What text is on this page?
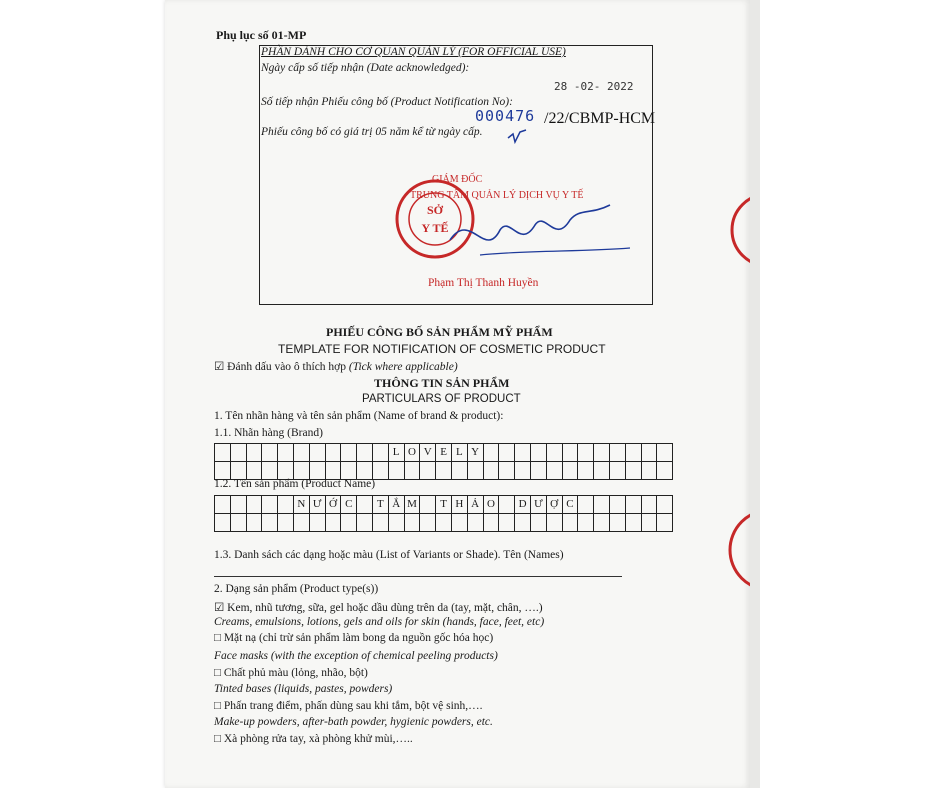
Phụ lục số 01-MP
PHẦN DÀNH CHO CƠ QUAN QUẢN LÝ (FOR OFFICIAL USE)
Ngày cấp số tiếp nhận (Date acknowledged):
28 -02- 2022
Số tiếp nhận Phiếu công bố (Product Notification No):
000476 /22/CBMP-HCM
Phiếu công bố có giá trị 05 năm kể từ ngày cấp.
SỞ
Y TẾ
GIÁM ĐỐC
TRUNG TÂM QUẢN LÝ DỊCH VỤ Y TẾ
Phạm Thị Thanh Huyền
PHIẾU CÔNG BỐ SẢN PHẨM MỸ PHẨM
TEMPLATE FOR NOTIFICATION OF COSMETIC PRODUCT
☑ Đánh dấu vào ô thích hợp (Tick where applicable)
THÔNG TIN SẢN PHẨM
PARTICULARS OF PRODUCT
1. Tên nhãn hàng và tên sản phẩm (Name of brand & product):
1.1. Nhãn hàng (Brand)
L O V E L Y
1.2. Tên sản phẩm (Product Name)
N Ư Ớ C	T Ắ M	T H Ả O	D Ư Ợ C
1.3. Danh sách các dạng hoặc màu (List of Variants or Shade). Tên (Names)
2. Dạng sản phẩm (Product type(s))
☑ Kem, nhũ tương, sữa, gel hoặc dầu dùng trên da (tay, mặt, chân, ….)
Creams, emulsions, lotions, gels and oils for skin (hands, face, feet, etc)
□ Mặt nạ (chỉ trừ sản phẩm làm bong da nguồn gốc hóa học)
Face masks (with the exception of chemical peeling products)
□ Chất phủ màu (lỏng, nhão, bột)
Tinted bases (liquids, pastes, powders)
□ Phấn trang điểm, phấn dùng sau khi tắm, bột vệ sinh,….
Make-up powders, after-bath powder, hygienic powders, etc.
□ Xà phòng rửa tay, xà phòng khử mùi,…..
